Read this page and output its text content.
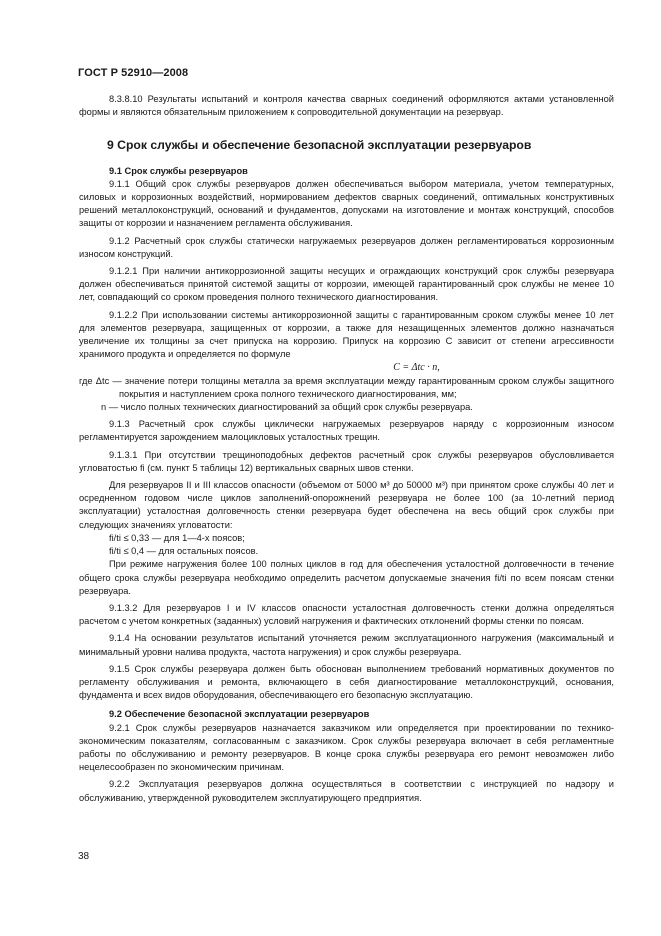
ГОСТ Р 52910—2008

8.3.8.10 Результаты испытаний и контроля качества сварных соединений оформляются актами установленной формы и являются обязательным приложением к сопроводительной документации на резервуар.

9 Срок службы и обеспечение безопасной эксплуатации резервуаров

9.1 Срок службы резервуаров

9.1.1 Общий срок службы резервуаров должен обеспечиваться выбором материала, учетом температурных, силовых и коррозионных воздействий, нормированием дефектов сварных соединений, оптимальных конструктивных решений металлоконструкций, оснований и фундаментов, допусками на изготовление и монтаж конструкций, способов защиты от коррозии и назначением регламента обслуживания.

9.1.2 Расчетный срок службы статически нагружаемых резервуаров должен регламентироваться коррозионным износом конструкций.

9.1.2.1 При наличии антикоррозионной защиты несущих и ограждающих конструкций срок службы резервуара должен обеспечиваться принятой системой защиты от коррозии, имеющей гарантированный срок службы не менее 10 лет, совпадающий со сроком проведения полного технического диагностирования.

9.1.2.2 При использовании системы антикоррозионной защиты с гарантированным сроком службы менее 10 лет для элементов резервуара, защищенных от коррозии, а также для незащищенных элементов должно назначаться увеличение их толщины за счет припуска на коррозию. Припуск на коррозию C зависит от степени агрессивности хранимого продукта и определяется по формуле

C = Δtc · n,

где Δtc — значение потери толщины металла за время эксплуатации между гарантированным сроком службы защитного покрытия и наступлением срока полного технического диагностирования, мм;

n — число полных технических диагностирований за общий срок службы резервуара.

9.1.3 Расчетный срок службы циклически нагружаемых резервуаров наряду с коррозионным износом регламентируется зарождением малоцикловых усталостных трещин.

9.1.3.1 При отсутствии трещиноподобных дефектов расчетный срок службы резервуаров обусловливается угловатостью fi (см. пункт 5 таблицы 12) вертикальных сварных швов стенки.

Для резервуаров II и III классов опасности (объемом от 5000 м³ до 50000 м³) при принятом сроке службы 40 лет и осредненном годовом числе циклов заполнений-опорожнений резервуара не более 100 (за 10-летний период эксплуатации) усталостная долговечность стенки резервуара будет обеспечена на весь общий срок службы при следующих значениях угловатости:

fi/ti ≤ 0,33 — для 1—4-х поясов;

fi/ti ≤ 0,4 — для остальных поясов.

При режиме нагружения более 100 полных циклов в год для обеспечения усталостной долговечности в течение общего срока службы резервуара необходимо определить расчетом допускаемые значения fi/ti по всем поясам стенки резервуара.

9.1.3.2 Для резервуаров I и IV классов опасности усталостная долговечность стенки должна определяться расчетом с учетом конкретных (заданных) условий нагружения и фактических отклонений формы стенки по поясам.

9.1.4 На основании результатов испытаний уточняется режим эксплуатационного нагружения (максимальный и минимальный уровни налива продукта, частота нагружения) и срок службы резервуара.

9.1.5 Срок службы резервуара должен быть обоснован выполнением требований нормативных документов по регламенту обслуживания и ремонта, включающего в себя диагностирование металлоконструкций, основания, фундамента и всех видов оборудования, обеспечивающего его безопасную эксплуатацию.

9.2 Обеспечение безопасной эксплуатации резервуаров

9.2.1 Срок службы резервуаров назначается заказчиком или определяется при проектировании по технико-экономическим показателям, согласованным с заказчиком. Срок службы резервуара включает в себя регламентные работы по обслуживанию и ремонту резервуаров. В конце срока службы резервуара его ремонт невозможен либо нецелесообразен по экономическим причинам.

9.2.2 Эксплуатация резервуаров должна осуществляться в соответствии с инструкцией по надзору и обслуживанию, утвержденной руководителем эксплуатирующего предприятия.

38
